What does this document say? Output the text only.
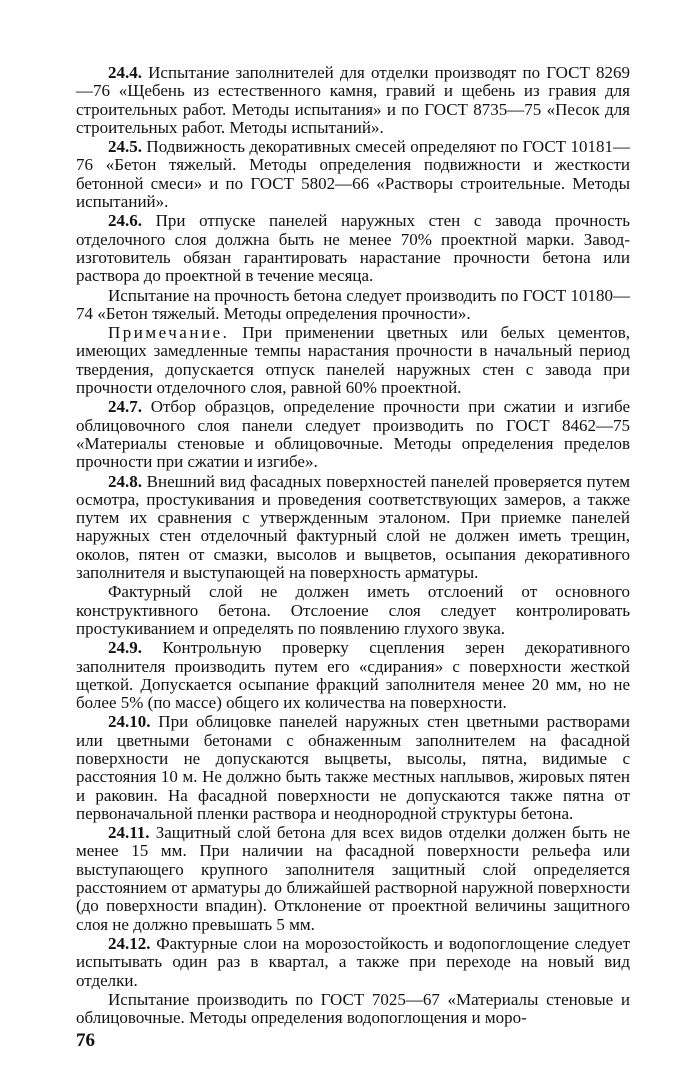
24.4. Испытание заполнителей для отделки производят по ГОСТ 8269—76 «Щебень из естественного камня, гравий и щебень из гравия для строительных работ. Методы испытания» и по ГОСТ 8735—75 «Песок для строительных работ. Методы испытаний».

24.5. Подвижность декоративных смесей определяют по ГОСТ 10181—76 «Бетон тяжелый. Методы определения подвижности и жесткости бетонной смеси» и по ГОСТ 5802—66 «Растворы строительные. Методы испытаний».

24.6. При отпуске панелей наружных стен с завода прочность отделочного слоя должна быть не менее 70% проектной марки. Завод-изготовитель обязан гарантировать нарастание прочности бетона или раствора до проектной в течение месяца.

Испытание на прочность бетона следует производить по ГОСТ 10180—74 «Бетон тяжелый. Методы определения прочности».

Примечание. При применении цветных или белых цементов, имеющих замедленные темпы нарастания прочности в начальный период твердения, допускается отпуск панелей наружных стен с завода при прочности отделочного слоя, равной 60% проектной.

24.7. Отбор образцов, определение прочности при сжатии и изгибе облицовочного слоя панели следует производить по ГОСТ 8462—75 «Материалы стеновые и облицовочные. Методы определения пределов прочности при сжатии и изгибе».

24.8. Внешний вид фасадных поверхностей панелей проверяется путем осмотра, простукивания и проведения соответствующих замеров, а также путем их сравнения с утвержденным эталоном. При приемке панелей наружных стен отделочный фактурный слой не должен иметь трещин, околов, пятен от смазки, высолов и выцветов, осыпания декоративного заполнителя и выступающей на поверхность арматуры.

Фактурный слой не должен иметь отслоений от основного конструктивного бетона. Отслоение слоя следует контролировать простукиванием и определять по появлению глухого звука.

24.9. Контрольную проверку сцепления зерен декоративного заполнителя производить путем его «сдирания» с поверхности жесткой щеткой. Допускается осыпание фракций заполнителя менее 20 мм, но не более 5% (по массе) общего их количества на поверхности.

24.10. При облицовке панелей наружных стен цветными растворами или цветными бетонами с обнаженным заполнителем на фасадной поверхности не допускаются выцветы, высолы, пятна, видимые с расстояния 10 м. Не должно быть также местных наплывов, жировых пятен и раковин. На фасадной поверхности не допускаются также пятна от первоначальной пленки раствора и неоднородной структуры бетона.

24.11. Защитный слой бетона для всех видов отделки должен быть не менее 15 мм. При наличии на фасадной поверхности рельефа или выступающего крупного заполнителя защитный слой определяется расстоянием от арматуры до ближайшей растворной наружной поверхности (до поверхности впадин). Отклонение от проектной величины защитного слоя не должно превышать 5 мм.

24.12. Фактурные слои на морозостойкость и водопоглощение следует испытывать один раз в квартал, а также при переходе на новый вид отделки.

Испытание производить по ГОСТ 7025—67 «Материалы стеновые и облицовочные. Методы определения водопоглощения и моро-

76
